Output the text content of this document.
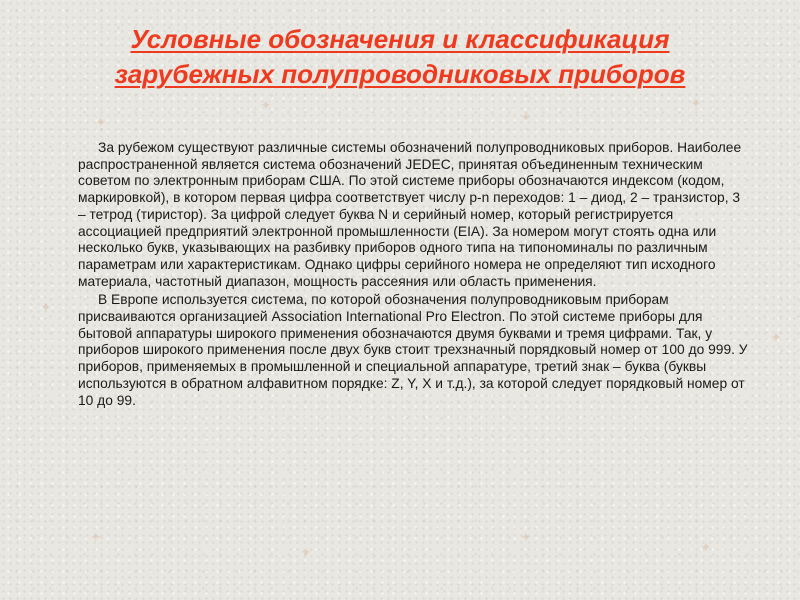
✦
✦
✦
✦
✦
✦
✦
✦
✦
✦
Условные обозначения и классификация
зарубежных полупроводниковых приборов

За рубежом существуют различные системы обозначений полупроводниковых приборов. Наиболее распространенной является система обозначений JEDEC, принятая объединенным техническим советом по электронным приборам США. По этой системе приборы обозначаются индексом (кодом, маркировкой), в котором первая цифра соответствует числу p-n переходов: 1 – диод, 2 – транзистор, 3 – тетрод (тиристор). За цифрой следует буква N и серийный номер, который регистрируется ассоциацией предприятий электронной промышленности (EIA). За номером могут стоять одна или несколько букв, указывающих на разбивку приборов одного типа на типономиналы по различным параметрам или характеристикам. Однако цифры серийного номера не определяют тип исходного материала, частотный диапазон, мощность рассеяния или область применения.

В Европе используется система, по которой обозначения полупроводниковым приборам присваиваются организацией Association International Pro Electron. По этой системе приборы для бытовой аппаратуры широкого применения обозначаются двумя буквами и тремя цифрами. Так, у приборов широкого применения после двух букв стоит трехзначный порядковый номер от 100 до 999. У приборов, применяемых в промышленной и специальной аппаратуре, третий знак – буква (буквы используются в обратном алфавитном порядке: Z, Y, X и т.д.), за которой следует порядковый номер от 10 до 99.
